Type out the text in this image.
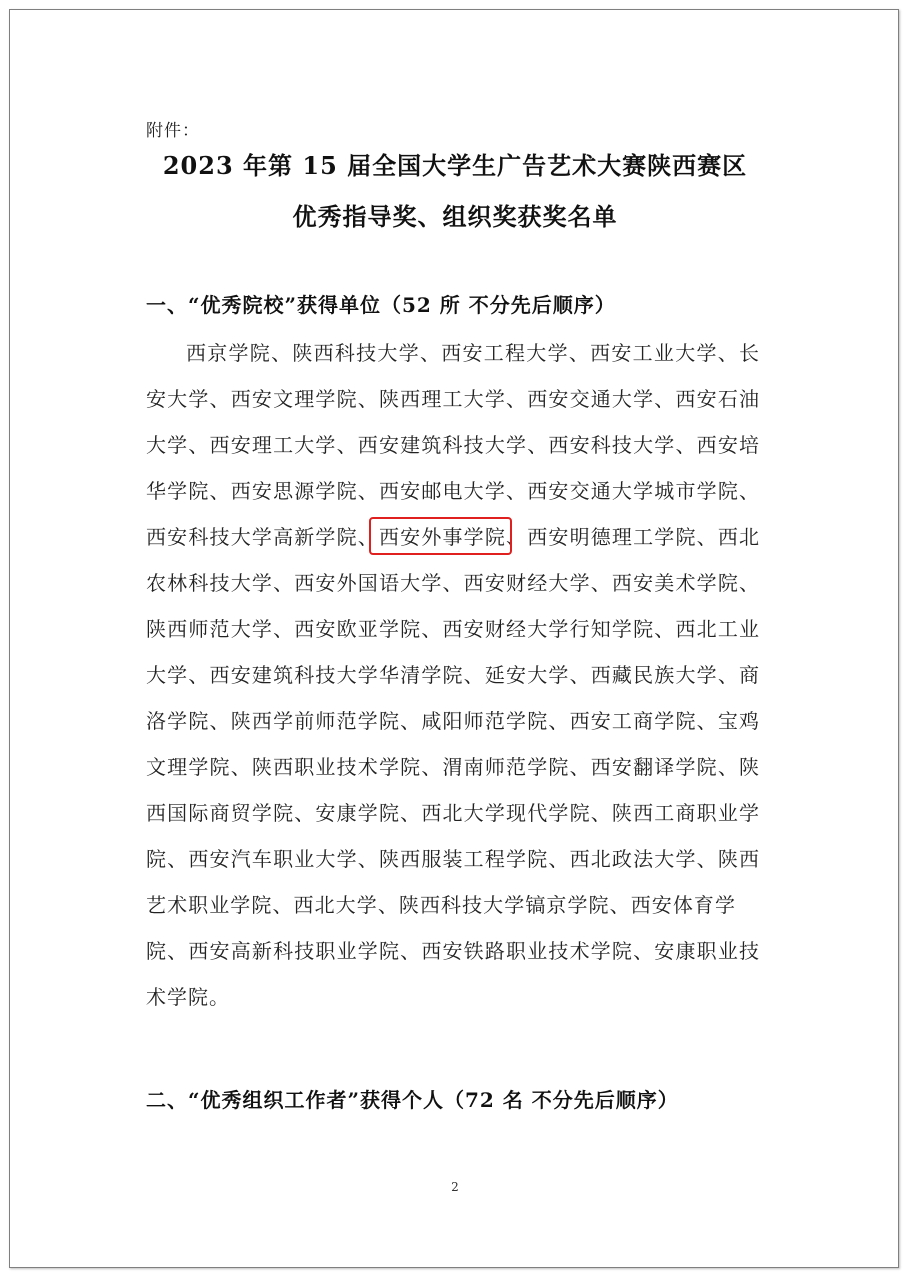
附件：
2023 年第 15 届全国大学生广告艺术大赛陕西赛区
优秀指导奖、组织奖获奖名单
一、“优秀院校”获得单位（52 所 不分先后顺序）
西京学院、陕西科技大学、西安工程大学、西安工业大学、长
安大学、西安文理学院、陕西理工大学、西安交通大学、西安石油
大学、西安理工大学、西安建筑科技大学、西安科技大学、西安培
华学院、西安思源学院、西安邮电大学、西安交通大学城市学院、
西安科技大学高新学院、西安外事学院、西安明德理工学院、西北
农林科技大学、西安外国语大学、西安财经大学、西安美术学院、
陕西师范大学、西安欧亚学院、西安财经大学行知学院、西北工业
大学、西安建筑科技大学华清学院、延安大学、西藏民族大学、商
洛学院、陕西学前师范学院、咸阳师范学院、西安工商学院、宝鸡
文理学院、陕西职业技术学院、渭南师范学院、西安翻译学院、陕
西国际商贸学院、安康学院、西北大学现代学院、陕西工商职业学
院、西安汽车职业大学、陕西服装工程学院、西北政法大学、陕西
艺术职业学院、西北大学、陕西科技大学镐京学院、西安体育学
院、西安高新科技职业学院、西安铁路职业技术学院、安康职业技
术学院。
二、“优秀组织工作者”获得个人（72 名 不分先后顺序）
2
